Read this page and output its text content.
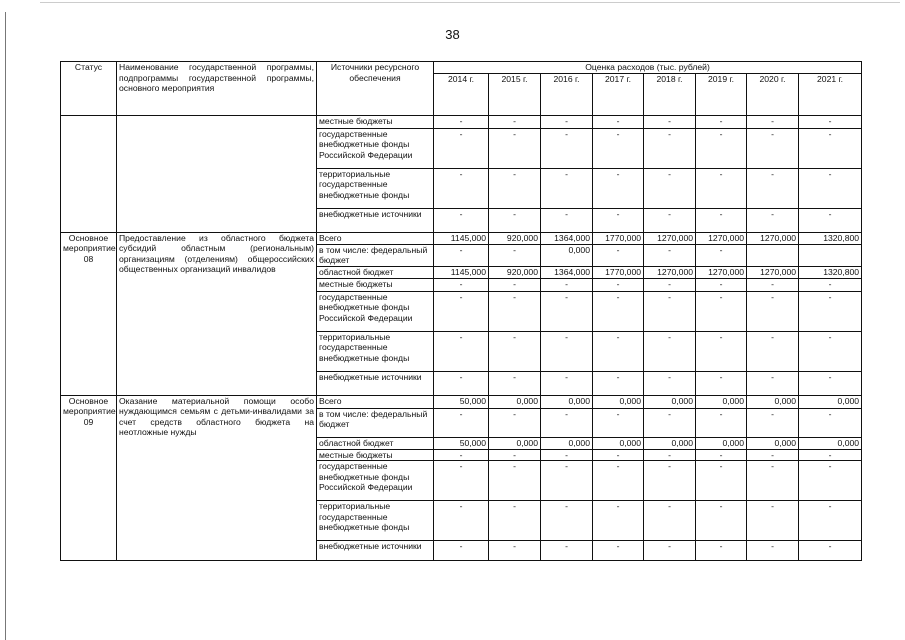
38
Статус	Наименование государственной программы, подпрограммы государственной программы, основного мероприятия	Источники ресурсного обеспечения	Оценка расходов (тыс. рублей)							
			2014 г.	2015 г.	2016 г.	2017 г.	2018 г.	2019 г.	2020 г.	2021 г.
		местные бюджеты	-	-	-	-	-	-	-	-
		государственные внебюджетные фонды Российской Федерации	-	-	-	-	-	-	-	-
		территориальные государственные внебюджетные фонды	-	-	-	-	-	-	-	-
		внебюджетные источники	-	-	-	-	-	-	-	-
Основное мероприятие 08	Предоставление из областного бюджета субсидий областным (региональным) организациям (отделениям) общероссийских общественных организаций инвалидов	Всего	1145,000	920,000	1364,000	1770,000	1270,000	1270,000	1270,000	1320,800
		в том числе: федеральный бюджет	-	-	0,000	-	-	-		
		областной бюджет	1145,000	920,000	1364,000	1770,000	1270,000	1270,000	1270,000	1320,800
		местные бюджеты	-	-	-	-	-	-	-	-
		государственные внебюджетные фонды Российской Федерации	-	-	-	-	-	-	-	-
		территориальные государственные внебюджетные фонды	-	-	-	-	-	-	-	-
		внебюджетные источники	-	-	-	-	-	-	-	-
Основное мероприятие 09	Оказание материальной помощи особо нуждающимся семьям с детьми-инвалидами за счет средств областного бюджета на неотложные нужды	Всего	50,000	0,000	0,000	0,000	0,000	0,000	0,000	0,000
		в том числе: федеральный бюджет	-	-	-	-	-	-	-	-
		областной бюджет	50,000	0,000	0,000	0,000	0,000	0,000	0,000	0,000
		местные бюджеты	-	-	-	-	-	-	-	-
		государственные внебюджетные фонды Российской Федерации	-	-	-	-	-	-	-	-
		территориальные государственные внебюджетные фонды	-	-	-	-	-	-	-	-
		внебюджетные источники	-	-	-	-	-	-	-	-
